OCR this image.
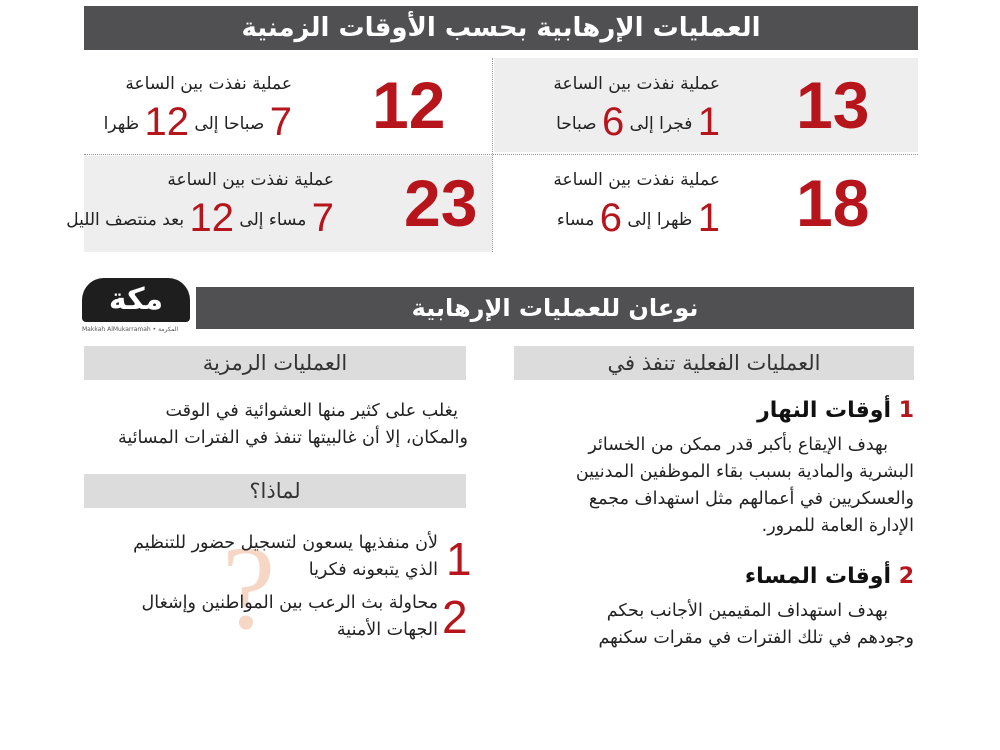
العمليات الإرهابية بحسب الأوقات الزمنية
13
عملية نفذت بين الساعة
1 فجرا إلى 6 صباحا
12
عملية نفذت بين الساعة
7 صباحا إلى 12 ظهرا
18
عملية نفذت بين الساعة
1 ظهرا إلى 6 مساء
23
عملية نفذت بين الساعة
7 مساء إلى 12 بعد منتصف الليل
مكة
Makkah AlMukarramah • المكرمة
نوعان للعمليات الإرهابية
العمليات الفعلية تنفذ في
1 أوقات النهار
بهدف الإيقاع بأكبر قدر ممكن من الخسائر
البشرية والمادية بسبب بقاء الموظفين المدنيين
والعسكريين في أعمالهم مثل استهداف مجمع
الإدارة العامة للمرور.
2 أوقات المساء
بهدف استهداف المقيمين الأجانب بحكم
وجودهم في تلك الفترات في مقرات سكنهم
العمليات الرمزية
يغلب على كثير منها العشوائية في الوقت
والمكان، إلا أن غالبيتها تنفذ في الفترات المسائية
لماذا؟
?	1
لأن منفذيها يسعون لتسجيل حضور للتنظيم
الذي يتبعونه فكريا
2
محاولة بث الرعب بين المواطنين وإشغال
الجهات الأمنية
